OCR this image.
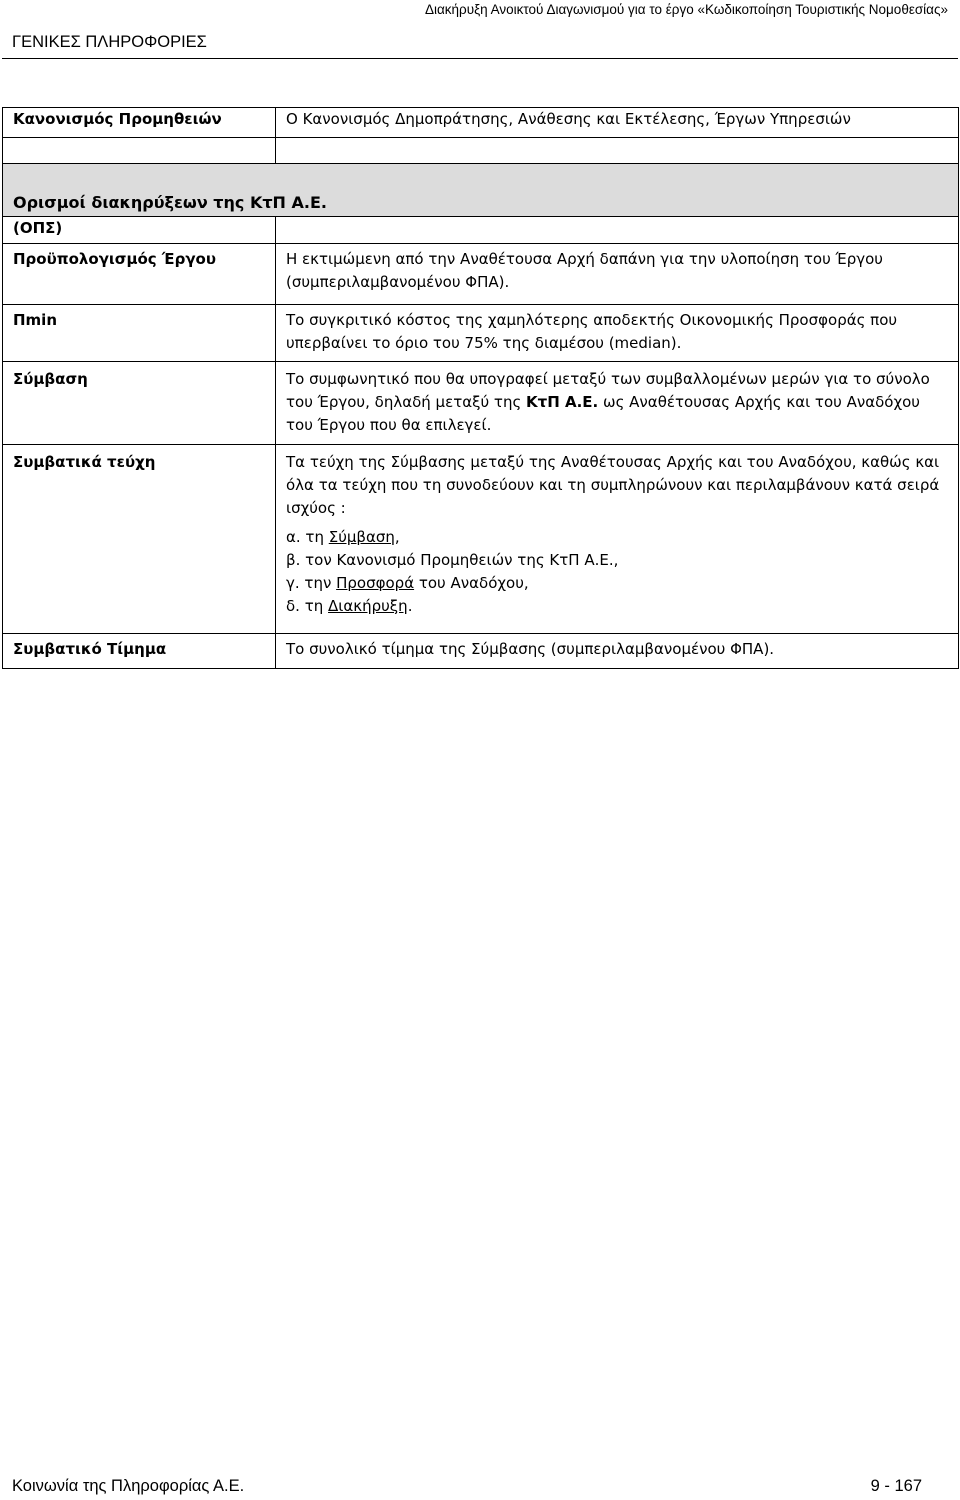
Διακήρυξη Ανοικτού Διαγωνισμού για το έργο «Κωδικοποίηση Τουριστικής Νομοθεσίας»
ΓΕΝΙΚΕΣ ΠΛΗΡΟΦΟΡΙΕΣ
Κανονισμός Προμηθειών	Ο Κανονισμός Δημοπράτησης, Ανάθεσης και Εκτέλεσης, Έργων Υπηρεσιών

Ορισμοί διακηρύξεων της ΚτΠ Α.Ε.	
(ΟΠΣ)	
Προϋπολογισμός Έργου	Η εκτιμώμενη από την Αναθέτουσα Αρχή δαπάνη για την υλοποίηση του Έργου (συμπεριλαμβανομένου ΦΠΑ).
Πmin	Το συγκριτικό κόστος της χαμηλότερης αποδεκτής Οικονομικής Προσφοράς που υπερβαίνει το όριο του 75% της διαμέσου (median).
Σύμβαση	Το συμφωνητικό που θα υπογραφεί μεταξύ των συμβαλλομένων μερών για το σύνολο του Έργου, δηλαδή μεταξύ της ΚτΠ Α.Ε. ως Αναθέτουσας Αρχής και του Αναδόχου του Έργου που θα επιλεγεί.
Συμβατικά τεύχη	Τα τεύχη της Σύμβασης μεταξύ της Αναθέτουσας Αρχής και του Αναδόχου, καθώς και όλα τα τεύχη που τη συνοδεύουν και τη συμπληρώνουν και περιλαμβάνουν κατά σειρά ισχύος :
α. τη Σύμβαση,
β. τον Κανονισμό Προμηθειών της ΚτΠ Α.Ε.,
γ. την Προσφορά του Αναδόχου,
δ. τη Διακήρυξη.

Συμβατικό Τίμημα	Το συνολικό τίμημα της Σύμβασης (συμπεριλαμβανομένου ΦΠΑ).
Κοινωνία της Πληροφορίας Α.Ε.	9 - 167
